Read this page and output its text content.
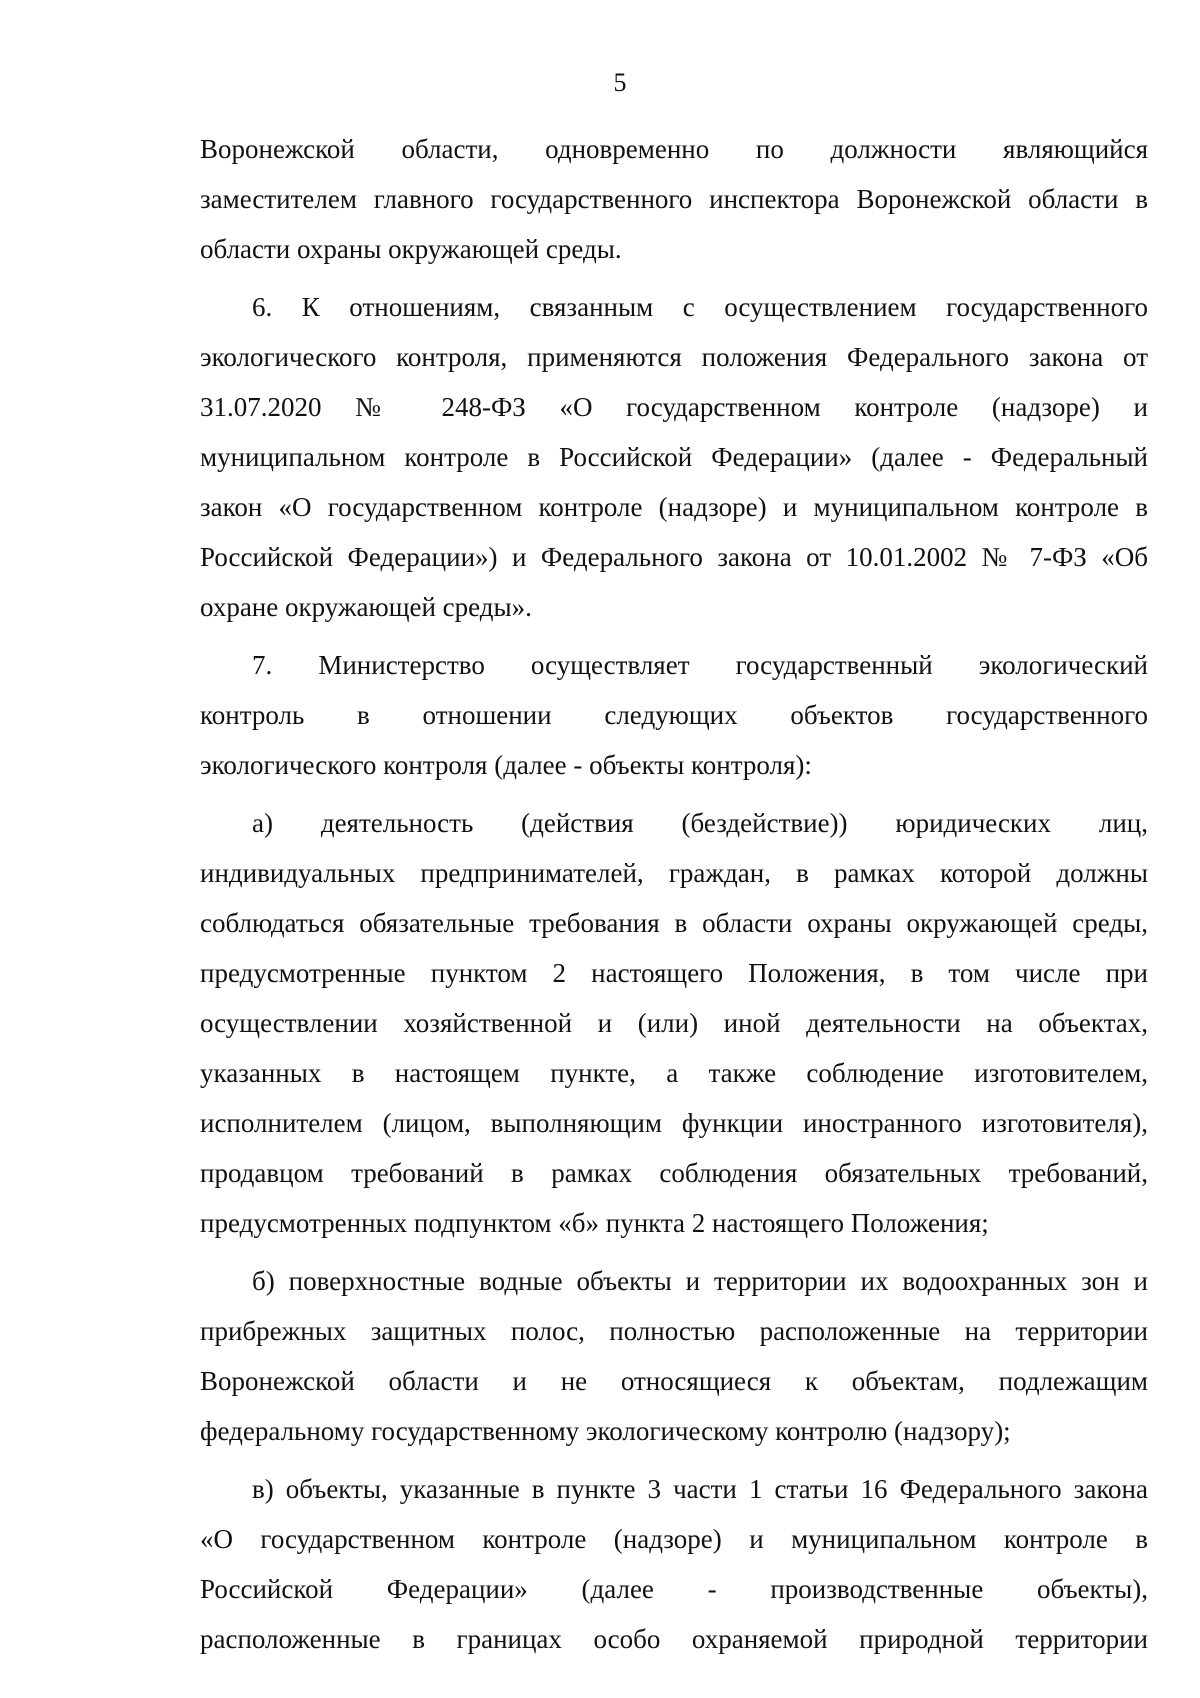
5
Воронежской области, одновременно по должности являющийся
заместителем главного государственного инспектора Воронежской области в
области охраны окружающей среды.
6. К отношениям, связанным с осуществлением государственного
экологического контроля, применяются положения Федерального закона от
31.07.2020 № 248-ФЗ «О государственном контроле (надзоре) и
муниципальном контроле в Российской Федерации» (далее - Федеральный
закон «О государственном контроле (надзоре) и муниципальном контроле в
Российской Федерации») и Федерального закона от 10.01.2002 № 7-ФЗ «Об
охране окружающей среды».
7. Министерство осуществляет государственный экологический
контроль в отношении следующих объектов государственного
экологического контроля (далее - объекты контроля):
а) деятельность (действия (бездействие)) юридических лиц,
индивидуальных предпринимателей, граждан, в рамках которой должны
соблюдаться обязательные требования в области охраны окружающей среды,
предусмотренные пунктом 2 настоящего Положения, в том числе при
осуществлении хозяйственной и (или) иной деятельности на объектах,
указанных в настоящем пункте, а также соблюдение изготовителем,
исполнителем (лицом, выполняющим функции иностранного изготовителя),
продавцом требований в рамках соблюдения обязательных требований,
предусмотренных подпунктом «б» пункта 2 настоящего Положения;
б) поверхностные водные объекты и территории их водоохранных зон и
прибрежных защитных полос, полностью расположенные на территории
Воронежской области и не относящиеся к объектам, подлежащим
федеральному государственному экологическому контролю (надзору);
в) объекты, указанные в пункте 3 части 1 статьи 16 Федерального закона
«О государственном контроле (надзоре) и муниципальном контроле в
Российской Федерации» (далее - производственные объекты),
расположенные в границах особо охраняемой природной территории
